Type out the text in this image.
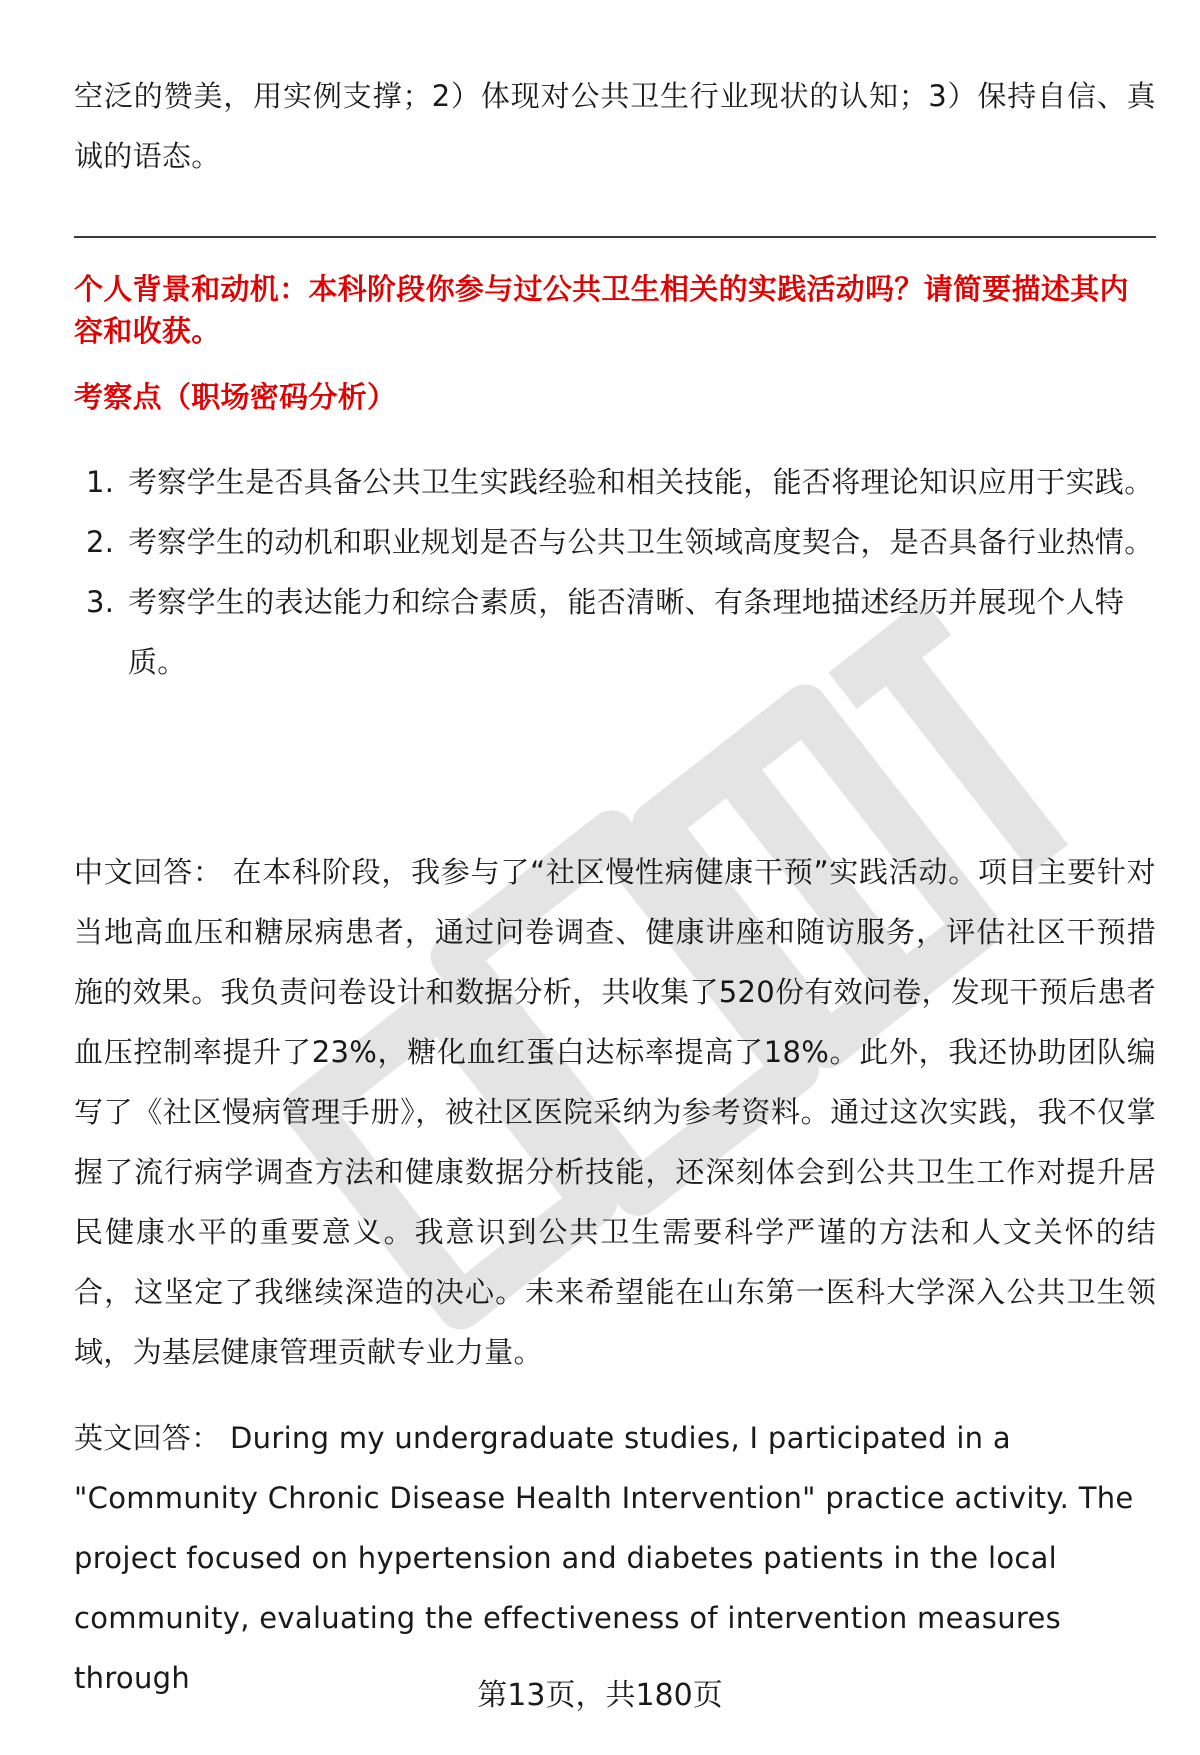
空泛的赞美，用实例支撑；2）体现对公共卫生行业现状的认知；3）保持自信、真诚的语态。

个人背景和动机：本科阶段你参与过公共卫生相关的实践活动吗？请简要描述其内容和收获。

考察点（职场密码分析）

1. 考察学生是否具备公共卫生实践经验和相关技能，能否将理论知识应用于实践。
2. 考察学生的动机和职业规划是否与公共卫生领域高度契合，是否具备行业热情。
3. 考察学生的表达能力和综合素质，能否清晰、有条理地描述经历并展现个人特质。

中文回答： 在本科阶段，我参与了“社区慢性病健康干预”实践活动。项目主要针对当地高血压和糖尿病患者，通过问卷调查、健康讲座和随访服务，评估社区干预措施的效果。我负责问卷设计和数据分析，共收集了520份有效问卷，发现干预后患者血压控制率提升了23%，糖化血红蛋白达标率提高了18%。此外，我还协助团队编写了《社区慢病管理手册》，被社区医院采纳为参考资料。通过这次实践，我不仅掌握了流行病学调查方法和健康数据分析技能，还深刻体会到公共卫生工作对提升居民健康水平的重要意义。我意识到公共卫生需要科学严谨的方法和人文关怀的结合，这坚定了我继续深造的决心。未来希望能在山东第一医科大学深入公共卫生领域，为基层健康管理贡献专业力量。

英文回答： During my undergraduate studies, I participated in a "Community Chronic Disease Health Intervention" practice activity. The project focused on hypertension and diabetes patients in the local community, evaluating the effectiveness of intervention measures through	第13页，共180页
